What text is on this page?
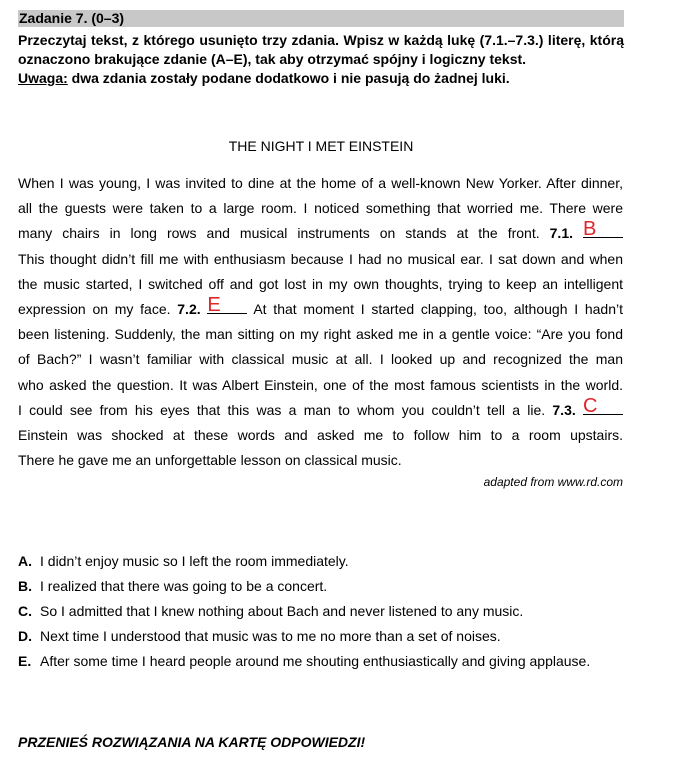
Zadanie 7. (0–3)

Przeczytaj tekst, z którego usunięto trzy zdania. Wpisz w każdą lukę (7.1.–7.3.) literę, którą oznaczono brakujące zdanie (A–E), tak aby otrzymać spójny i logiczny tekst.
Uwaga: dwa zdania zostały podane dodatkowo i nie pasują do żadnej luki.

THE NIGHT I MET EINSTEIN
When I was young, I was invited to dine at the home of a well-known New Yorker. After dinner,
all the guests were taken to a large room. I noticed something that worried me. There were
many chairs in long rows and musical instruments on stands at the front. 7.1. B
This thought didn’t fill me with enthusiasm because I had no musical ear. I sat down and when
the music started, I switched off and got lost in my own thoughts, trying to keep an intelligent
expression on my face. 7.2. E	At that moment I started clapping, too, although I hadn’t
been listening. Suddenly, the man sitting on my right asked me in a gentle voice: “Are you fond
of Bach?” I wasn’t familiar with classical music at all. I looked up and recognized the man
who asked the question. It was Albert Einstein, one of the most famous scientists in the world.
I could see from his eyes that this was a man to whom you couldn’t tell a lie. 7.3. C
Einstein was shocked at these words and asked me to follow him to a room upstairs.
There he gave me an unforgettable lesson on classical music.
adapted from www.rd.com
A. I didn’t enjoy music so I left the room immediately.
B. I realized that there was going to be a concert.
C. So I admitted that I knew nothing about Bach and never listened to any music.
D. Next time I understood that music was to me no more than a set of noises.
E. After some time I heard people around me shouting enthusiastically and giving applause.
PRZENIEŚ ROZWIĄZANIA NA KARTĘ ODPOWIEDZI!
